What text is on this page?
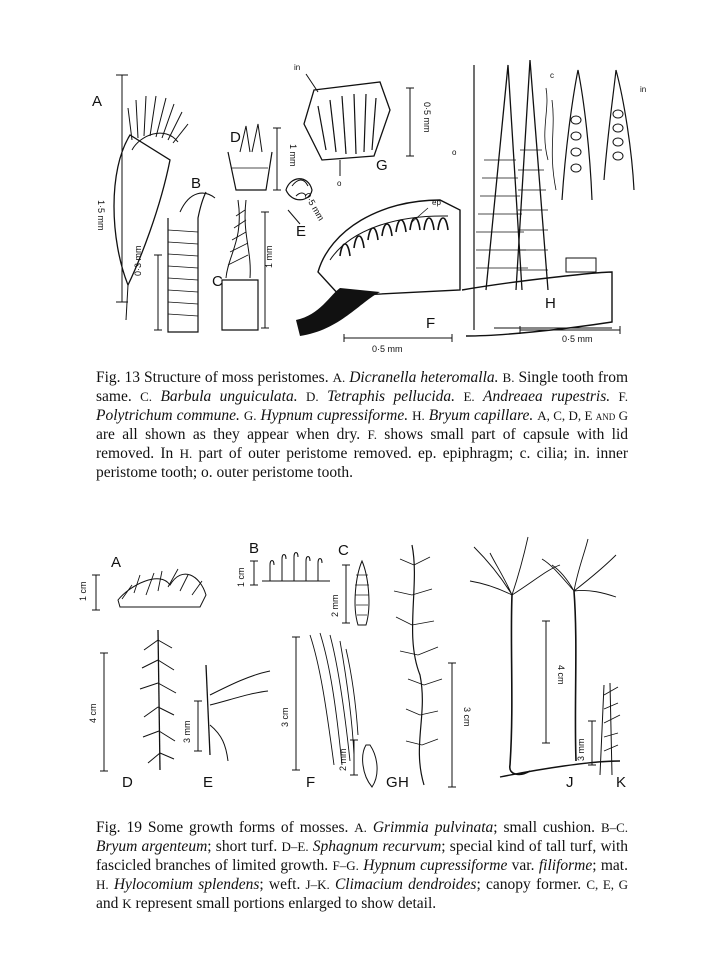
A
1·5 mm
B
0·3 mm
C
1 mm
D
1 mm
E
0·5 mm
G
in
o
0·5 mm
F
ep
0·5 mm
H
o
c
in
0·5 mm
Fig. 13 Structure of moss peristomes. A. Dicranella heteromalla. B. Single tooth from same. C. Barbula unguiculata. D. Tetraphis pellucida. E. Andreaea rupestris. F. Polytrichum commune. G. Hypnum cupressiforme. H. Bryum capillare. A, C, D, E and G are all shown as they appear when dry. F. shows small part of capsule with lid removed. In H. part of outer peristome removed. ep. epiphragm; c. cilia; in. inner peristome tooth; o. outer peristome tooth.
A
1 cm
B
1 cm
C
2 mm
D
4 cm
E
3 mm
F
3 cm
G
2 mm
H
3 cm
J
4 cm
K
3 mm
Fig. 19 Some growth forms of mosses. A. Grimmia pulvinata; small cushion. B–C. Bryum argenteum; short turf. D–E. Sphagnum recurvum; special kind of tall turf, with fascicled branches of limited growth. F–G. Hypnum cupressiforme var. filiforme; mat. H. Hylocomium splendens; weft. J–K. Climacium dendroides; canopy former. C, E, G and K represent small portions enlarged to show detail.
